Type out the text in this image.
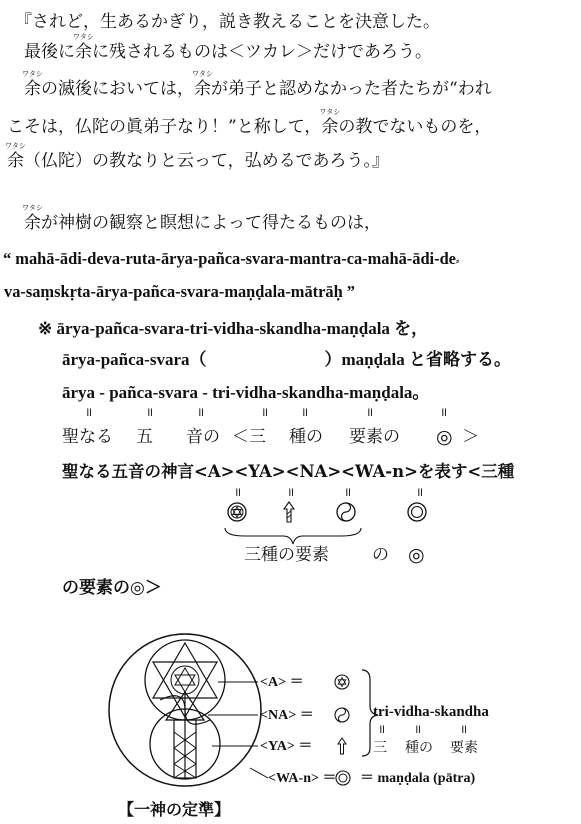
『されど，生あるかぎり，説き教えることを決意した。
最後に
ワタシ
余に残されるものは＜ツカレ＞だけであろう。
ワタシ
余の滅後においては，
ワタシ
余が弟子と認めなかった者たちが“われ
こそは，仏陀の眞弟子なり！”と称して，
ワタシ
余の教でないものを，
ワタシ
余（仏陀）の教なりと云って，弘めるであろう。』
ワタシ
余が神樹の観察と瞑想によって得たるものは，
“ mahā-ādi-deva-ruta-ārya-pañca-svara-mantra-ca-mahā-ādi-de⸗
va-saṃskṛta-ārya-pañca-svara-maṇḍala-mātrāḥ ”
※ ārya-pañca-svara-tri-vidha-skandha-maṇḍala を，
ārya-pañca-svara（	）maṇḍala と省略する。
ārya - pañca-svara - tri-vidha-skandha-maṇḍala。
॥	॥	॥	॥	॥	॥	॥
聖なる 五 音の ＜三 種の 要素の ◎ ＞
聖なる五音の神言<A><YA><NA><WA-n>を表す<三種
॥	॥	॥	॥
三種の要素	の ◎
の要素の◎＞
<A> ＝
<NA> ＝
<YA> ＝
<WA-n> ＝ ＝ maṇḍala (pātra)
tri-vidha-skandha
॥ ॥	॥
三 種の 要素
【一神の定準】
